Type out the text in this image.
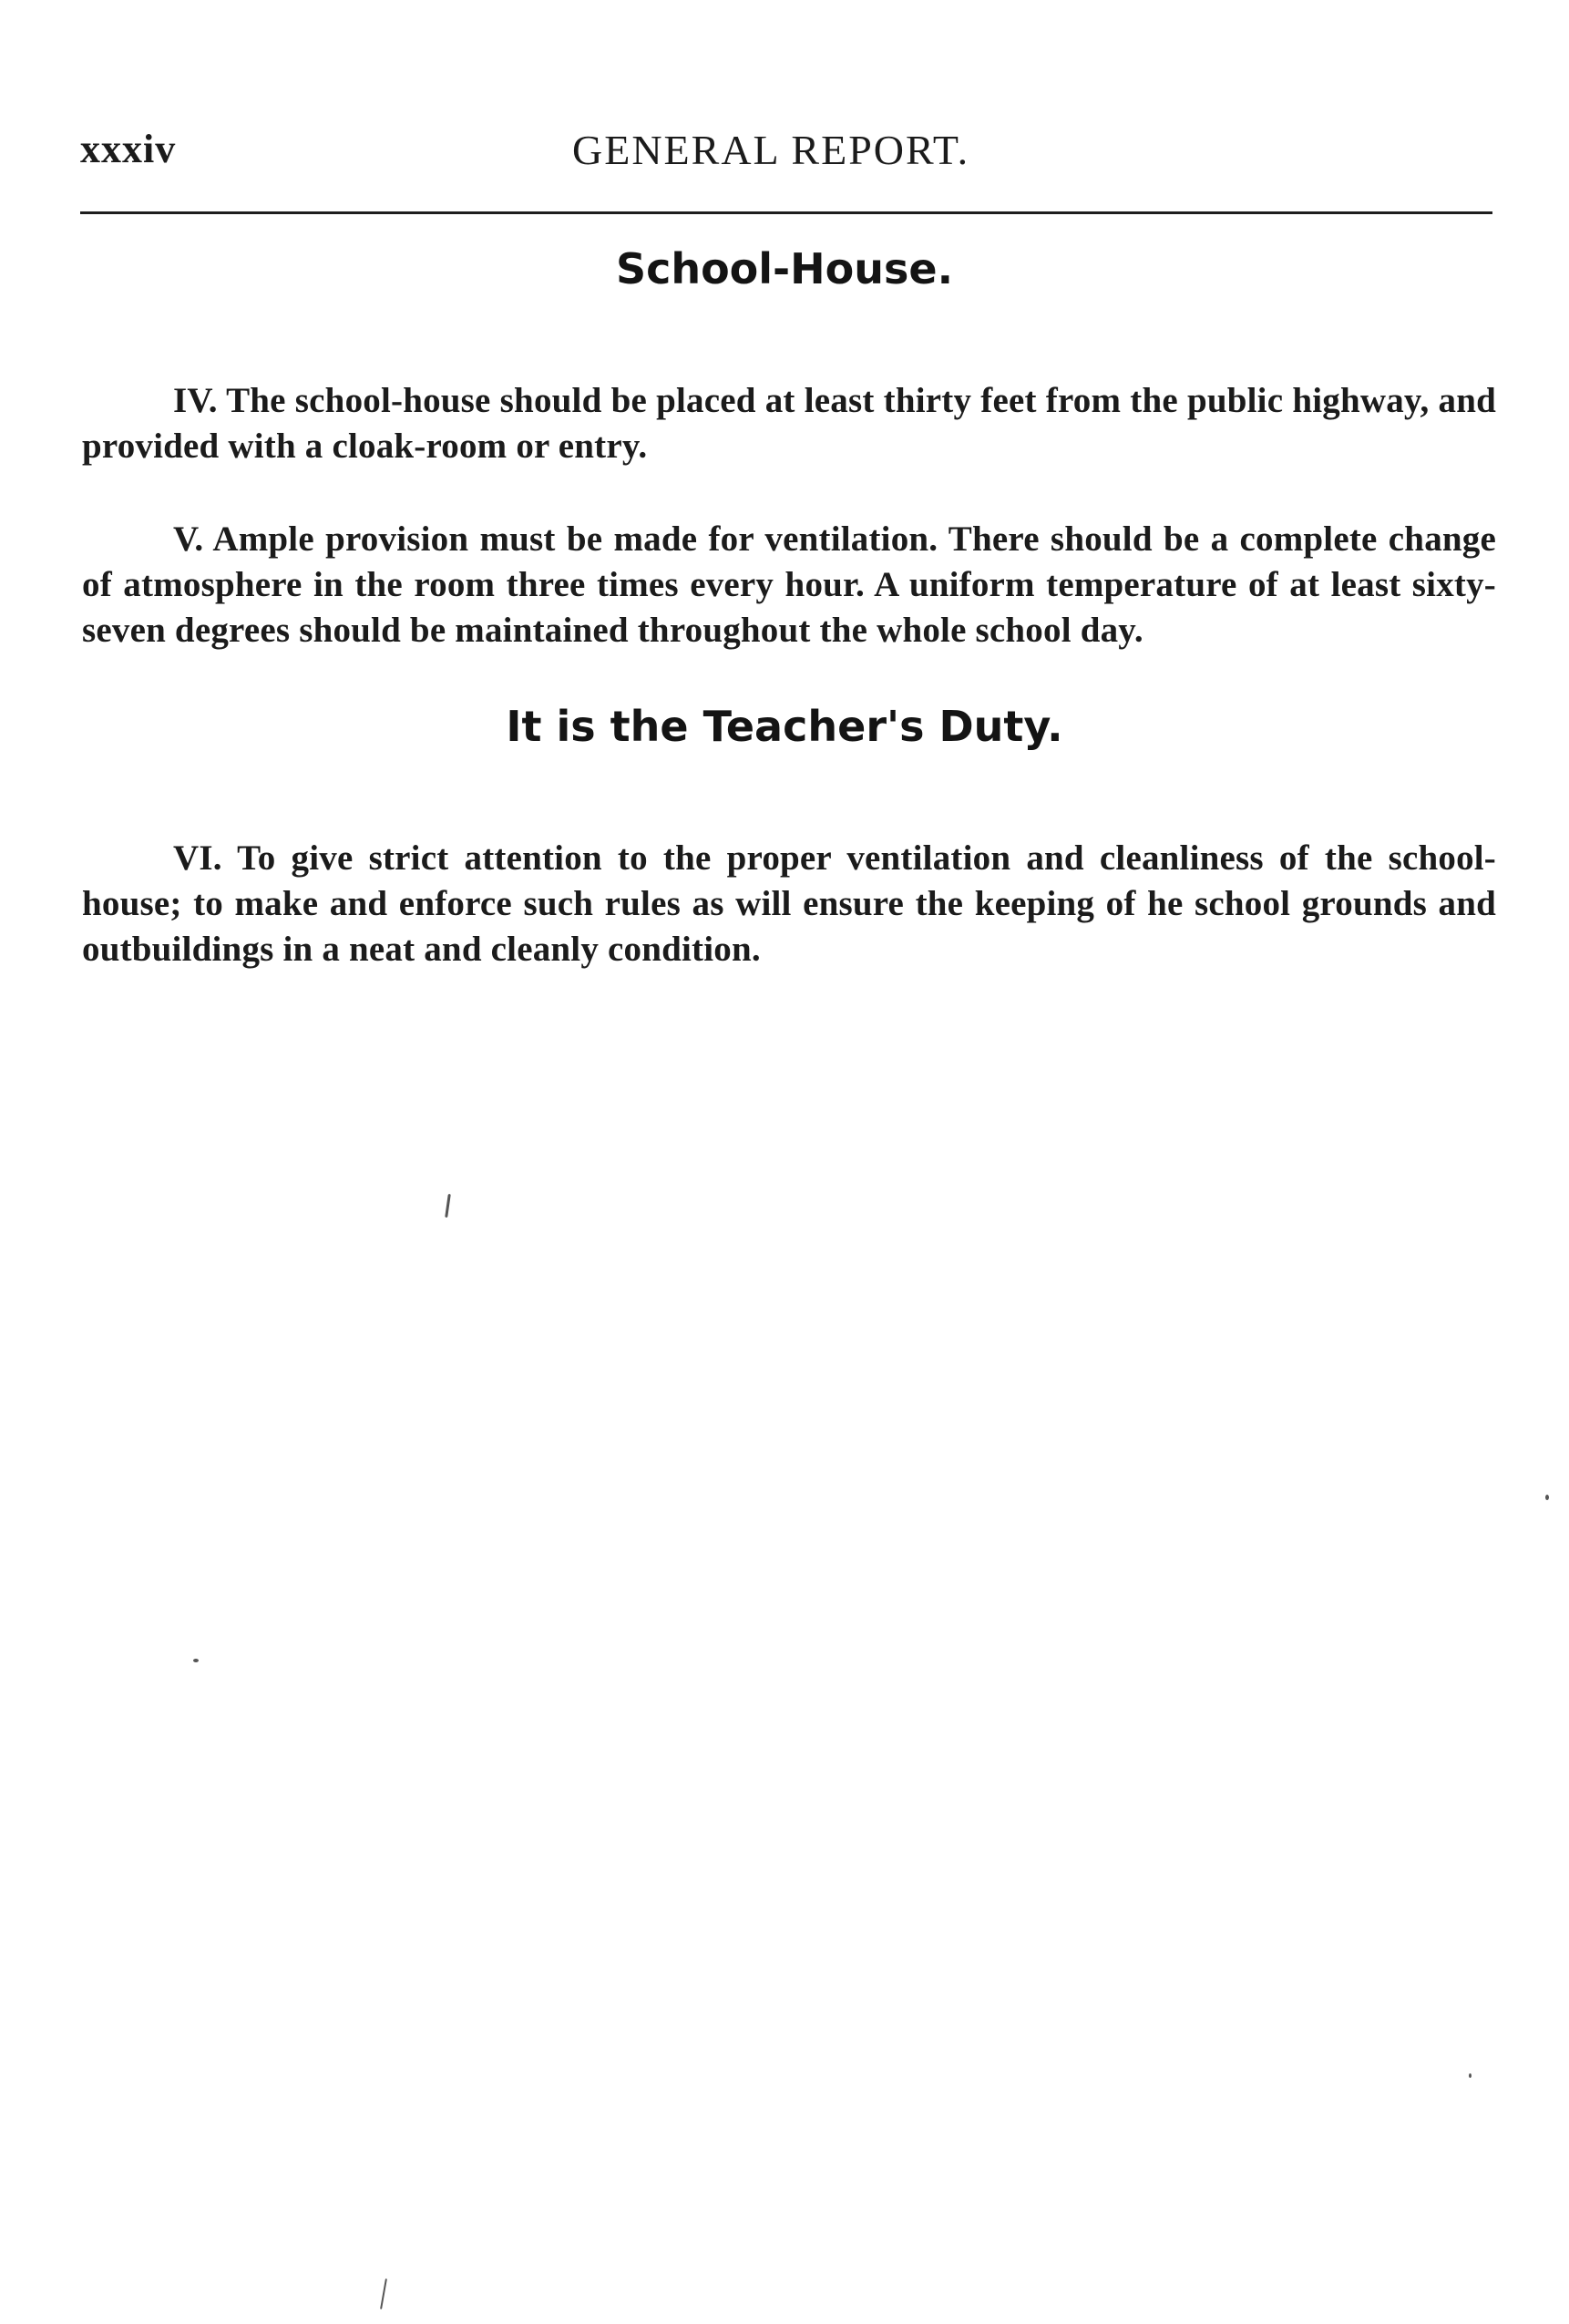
xxxiv	GENERAL REPORT.
School-House.

IV. The school-house should be placed at least thirty feet from the public highway, and provided with a cloak-room or entry.

V. Ample provision must be made for ventilation. There should be a complete change of atmosphere in the room three times every hour. A uniform temperature of at least sixty-seven degrees should be maintained throughout the whole school day.

It is the Teacher's Duty.

VI. To give strict attention to the proper ventilation and cleanliness of the school-house; to make and enforce such rules as will ensure the keeping of he school grounds and outbuildings in a neat and cleanly condition.
